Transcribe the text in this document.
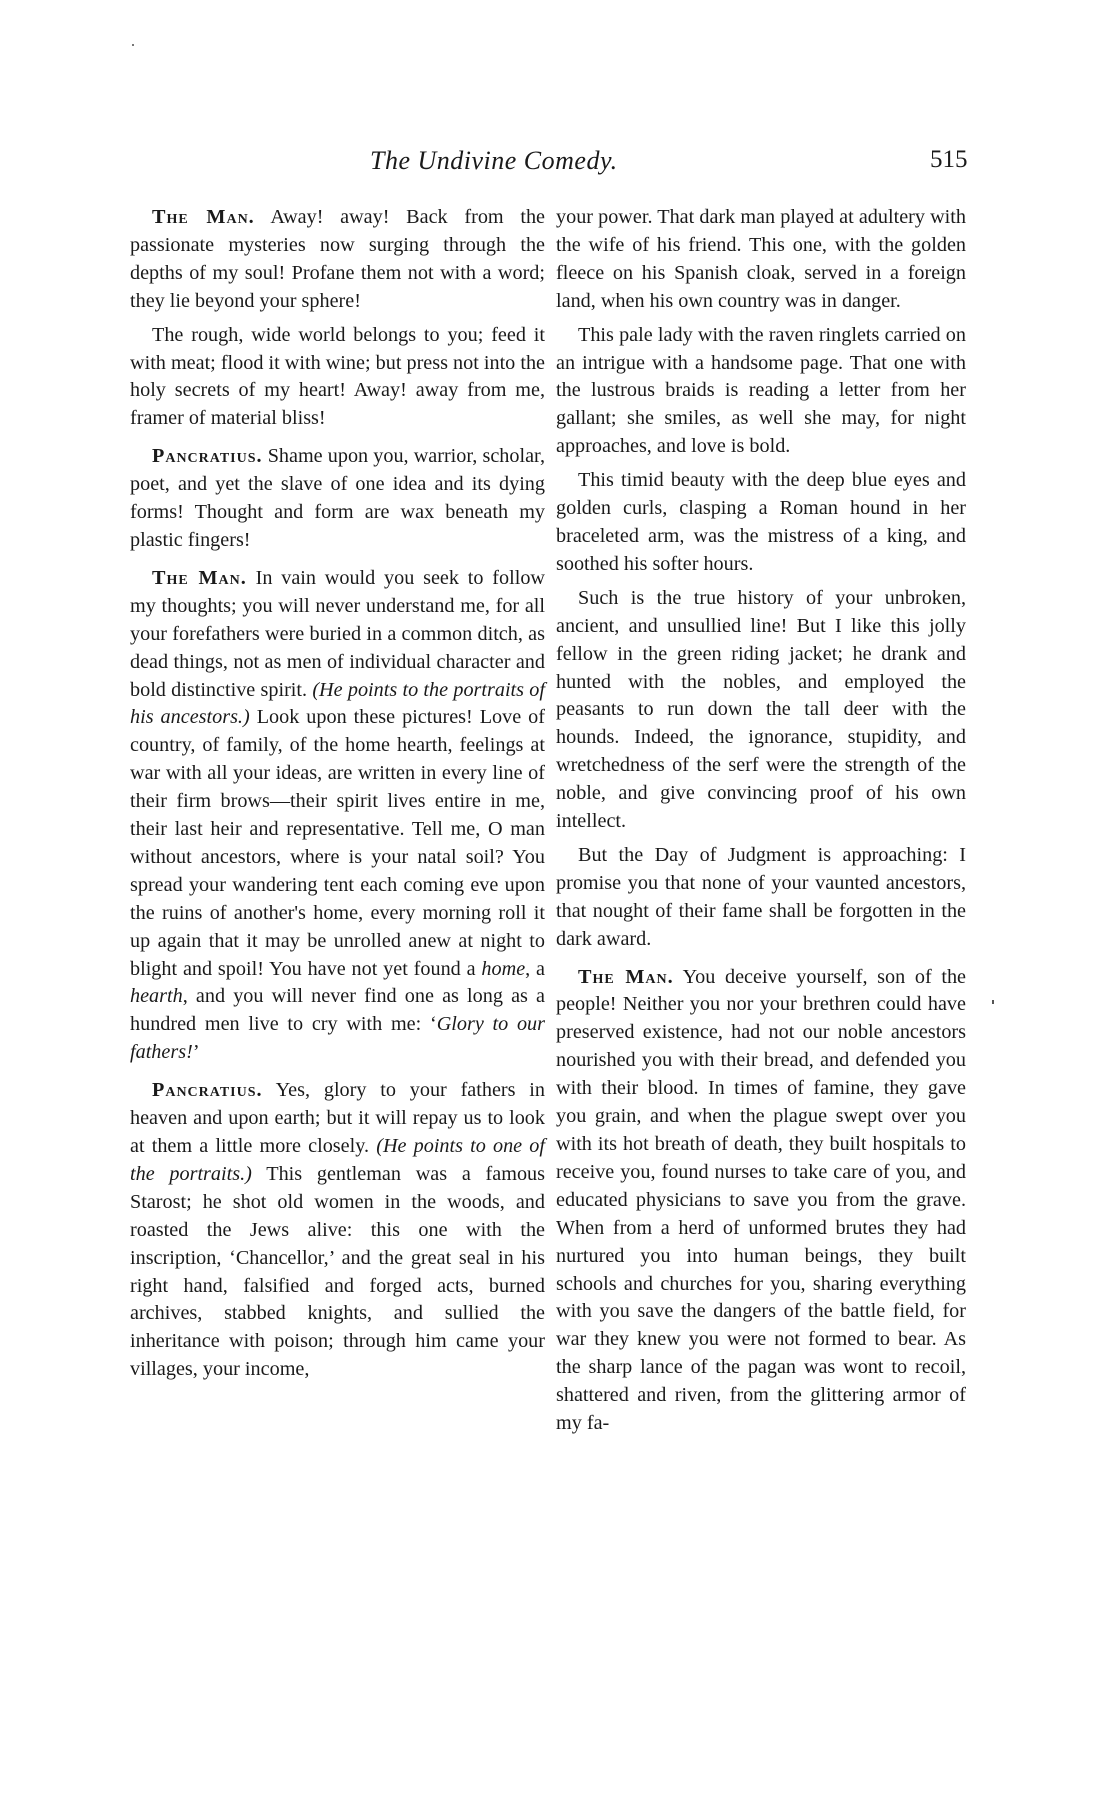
The Undivine Comedy.	515

The Man. Away! away! Back from the passionate mysteries now surging through the depths of my soul! Profane them not with a word; they lie beyond your sphere!

The rough, wide world belongs to you; feed it with meat; flood it with wine; but press not into the holy secrets of my heart! Away! away from me, framer of material bliss!

Pancratius. Shame upon you, warrior, scholar, poet, and yet the slave of one idea and its dying forms! Thought and form are wax beneath my plastic fingers!

The Man. In vain would you seek to follow my thoughts; you will never understand me, for all your forefathers were buried in a common ditch, as dead things, not as men of individual character and bold distinctive spirit. (He points to the portraits of his ancestors.) Look upon these pictures! Love of country, of family, of the home hearth, feelings at war with all your ideas, are written in every line of their firm brows—their spirit lives entire in me, their last heir and representative. Tell me, O man without ancestors, where is your natal soil? You spread your wandering tent each coming eve upon the ruins of another's home, every morning roll it up again that it may be unrolled anew at night to blight and spoil! You have not yet found a home, a hearth, and you will never find one as long as a hundred men live to cry with me: ‘Glory to our fathers!’

Pancratius. Yes, glory to your fathers in heaven and upon earth; but it will repay us to look at them a little more closely. (He points to one of the portraits.) This gentleman was a famous Starost; he shot old women in the woods, and roasted the Jews alive: this one with the inscription, ‘Chancellor,’ and the great seal in his right hand, falsified and forged acts, burned archives, stabbed knights, and sullied the inheritance with poison; through him came your villages, your income,

your power. That dark man played at adultery with the wife of his friend. This one, with the golden fleece on his Spanish cloak, served in a foreign land, when his own country was in danger.

This pale lady with the raven ringlets carried on an intrigue with a handsome page. That one with the lustrous braids is reading a letter from her gallant; she smiles, as well she may, for night approaches, and love is bold.

This timid beauty with the deep blue eyes and golden curls, clasping a Roman hound in her braceleted arm, was the mistress of a king, and soothed his softer hours.

Such is the true history of your unbroken, ancient, and unsullied line! But I like this jolly fellow in the green riding jacket; he drank and hunted with the nobles, and employed the peasants to run down the tall deer with the hounds. Indeed, the ignorance, stupidity, and wretchedness of the serf were the strength of the noble, and give convincing proof of his own intellect.

But the Day of Judgment is approaching: I promise you that none of your vaunted ancestors, that nought of their fame shall be forgotten in the dark award.

The Man. You deceive yourself, son of the people! Neither you nor your brethren could have preserved existence, had not our noble ancestors nourished you with their bread, and defended you with their blood. In times of famine, they gave you grain, and when the plague swept over you with its hot breath of death, they built hospitals to receive you, found nurses to take care of you, and educated physicians to save you from the grave. When from a herd of unformed brutes they had nurtured you into human beings, they built schools and churches for you, sharing everything with you save the dangers of the battle field, for war they knew you were not formed to bear. As the sharp lance of the pagan was wont to recoil, shattered and riven, from the glittering armor of my fa-
